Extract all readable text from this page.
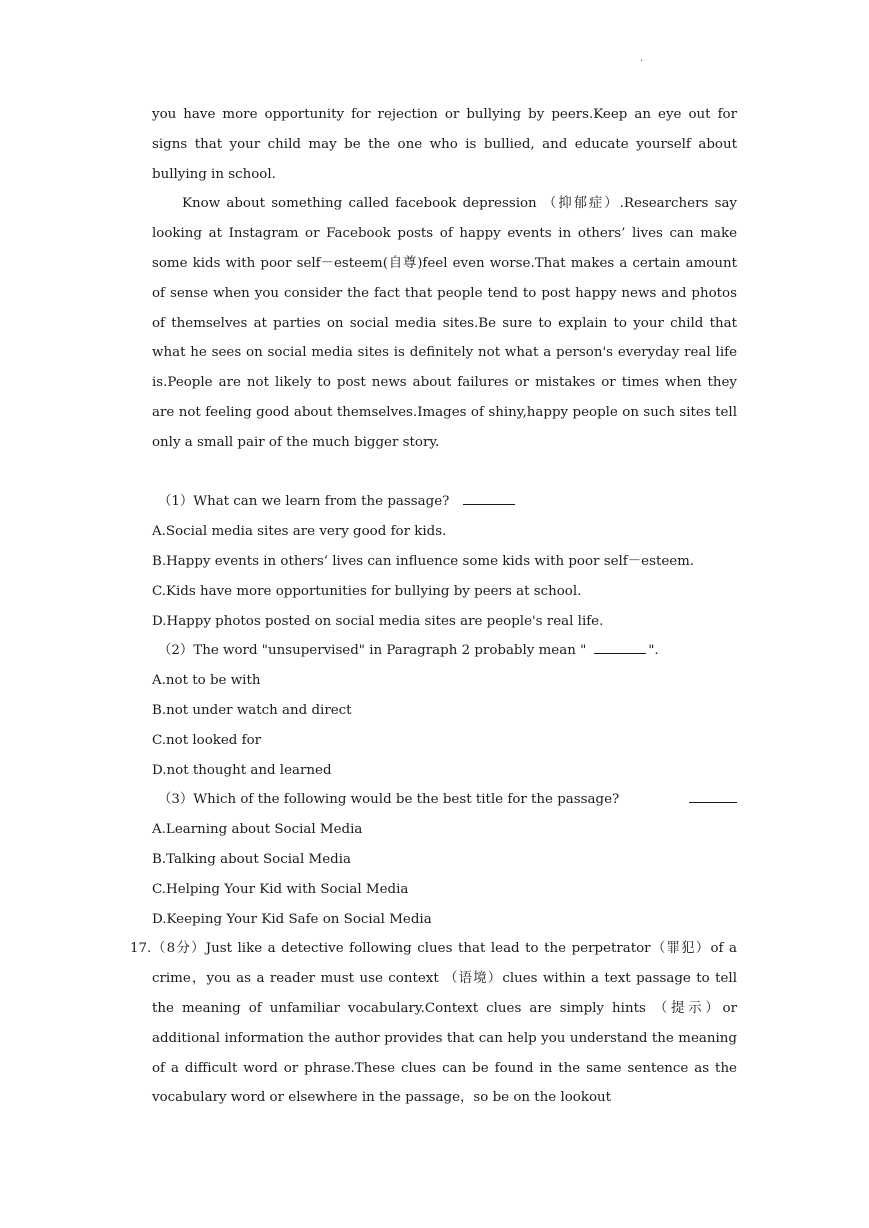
.

you have more opportunity for rejection or bullying by peers.Keep an eye out for signs that your child may be the one who is bullied, and educate yourself about bullying in school.

Know about something called facebook depression （抑郁症）.Researchers say looking at Instagram or Facebook posts of happy events in others’ lives can make some kids with poor self－esteem(自尊)feel even worse.That makes a certain amount of sense when you consider the fact that people tend to post happy news and photos of themselves at parties on social media sites.Be sure to explain to your child that what he sees on social media sites is definitely not what a person's everyday real life is.People are not likely to post news about failures or mistakes or times when they are not feeling good about themselves.Images of shiny,happy people on such sites tell only a small pair of the much bigger story.

（1）What can we learn from the passage?

A.Social media sites are very good for kids.

B.Happy events in others’ lives can influence some kids with poor self－esteem.

C.Kids have more opportunities for bullying by peers at school.

D.Happy photos posted on social media sites are people's real life.

（2）The word "unsupervised" in Paragraph 2 probably mean "	".

A.not to be with

B.not under watch and direct

C.not looked for

D.not thought and learned

（3）Which of the following would be the best title for the passage?

A.Learning about Social Media

B.Talking about Social Media

C.Helping Your Kid with Social Media

D.Keeping Your Kid Safe on Social Media

17. （8分）Just like a detective following clues that lead to the perpetrator（罪犯）of a crime，you as a reader must use context （语境）clues within a text passage to tell the meaning of unfamiliar vocabulary.Context clues are simply hints （提示）or additional information the author provides that can help you understand the meaning of a difficult word or phrase.These clues can be found in the same sentence as the vocabulary word or elsewhere in the passage，so be on the lookout
